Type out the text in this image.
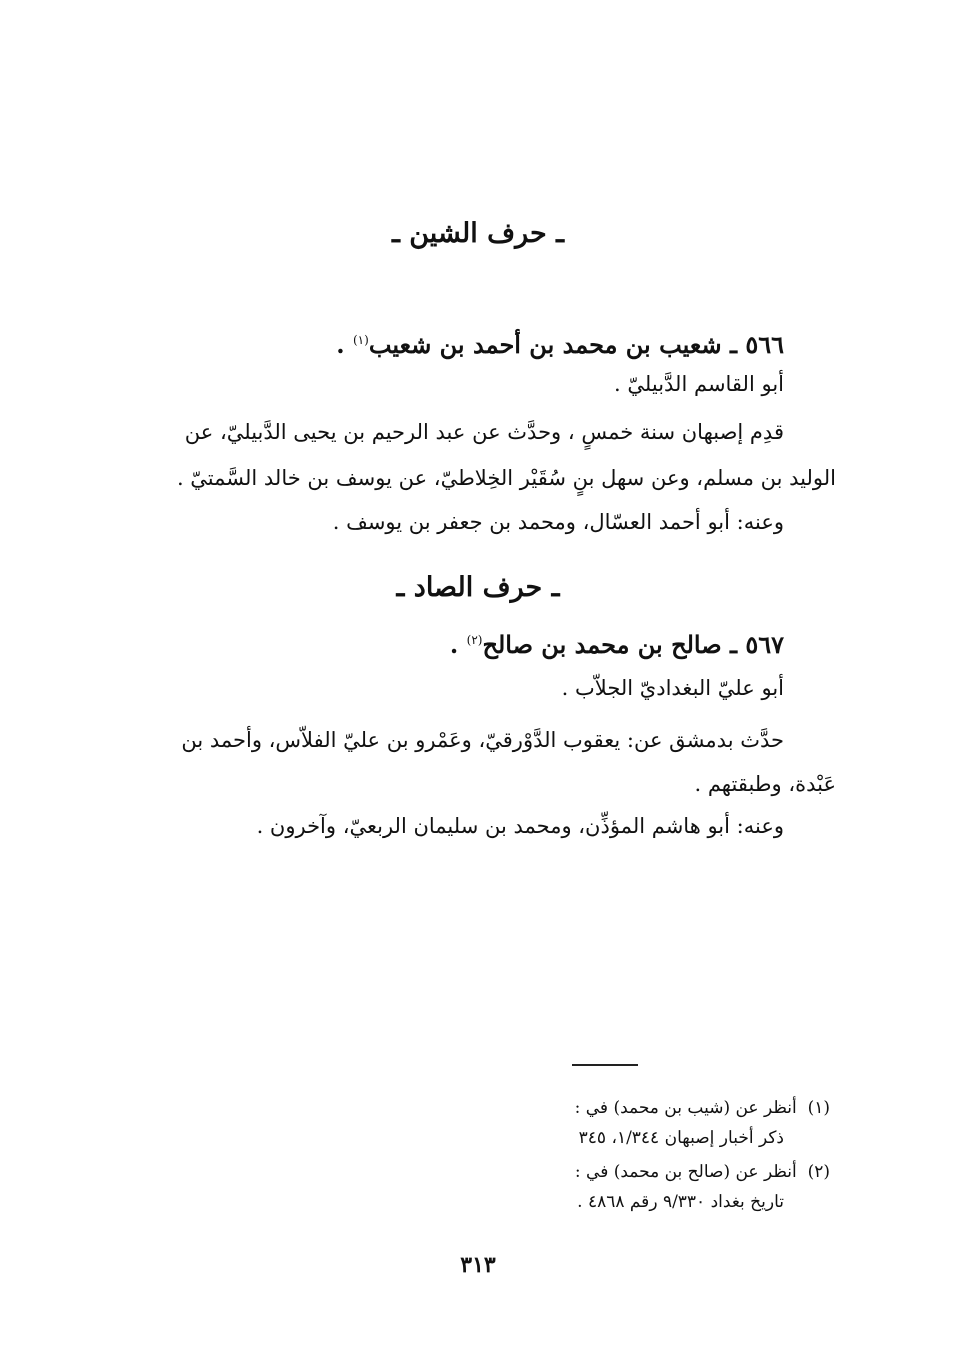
ـ حرف الشين ـ
٥٦٦ ـ شعيب بن محمد بن أحمد بن شعيب$^{(١)}$ .
أبو القاسم الدَّبيليّ .
قدِم إصبهان سنة خمسٍ ، وحدَّث عن عبد الرحيم بن يحيى الدَّبيليّ، عن
الوليد بن مسلم، وعن سهل بنٍ سُقَيْر الخِلاطيّ، عن يوسف بن خالد السَّمتيّ .
وعنه: أبو أحمد العسّال، ومحمد بن جعفر بن يوسف .
ـ حرف الصاد ـ
٥٦٧ ـ صالح بن محمد بن صالح$^{(٢)}$ .
أبو عليّ البغداديّ الجلاّب .
حدَّث بدمشق عن: يعقوب الدَّوْرقيّ، وعَمْرو بن عليّ الفلاّس، وأحمد بن
عَبْدة، وطبقتهم .
وعنه: أبو هاشم المؤذِّن، ومحمد بن سليمان الربعيّ، وآخرون .
(١)  أنظر عن (شيب بن محمد) في :
ذكر أخبار إصبهان ١/٣٤٤، ٣٤٥
(٢)  أنظر عن (صالح بن محمد) في :
تاريخ بغداد ٩/٣٣٠ رقم ٤٨٦٨ .
٣١٣
